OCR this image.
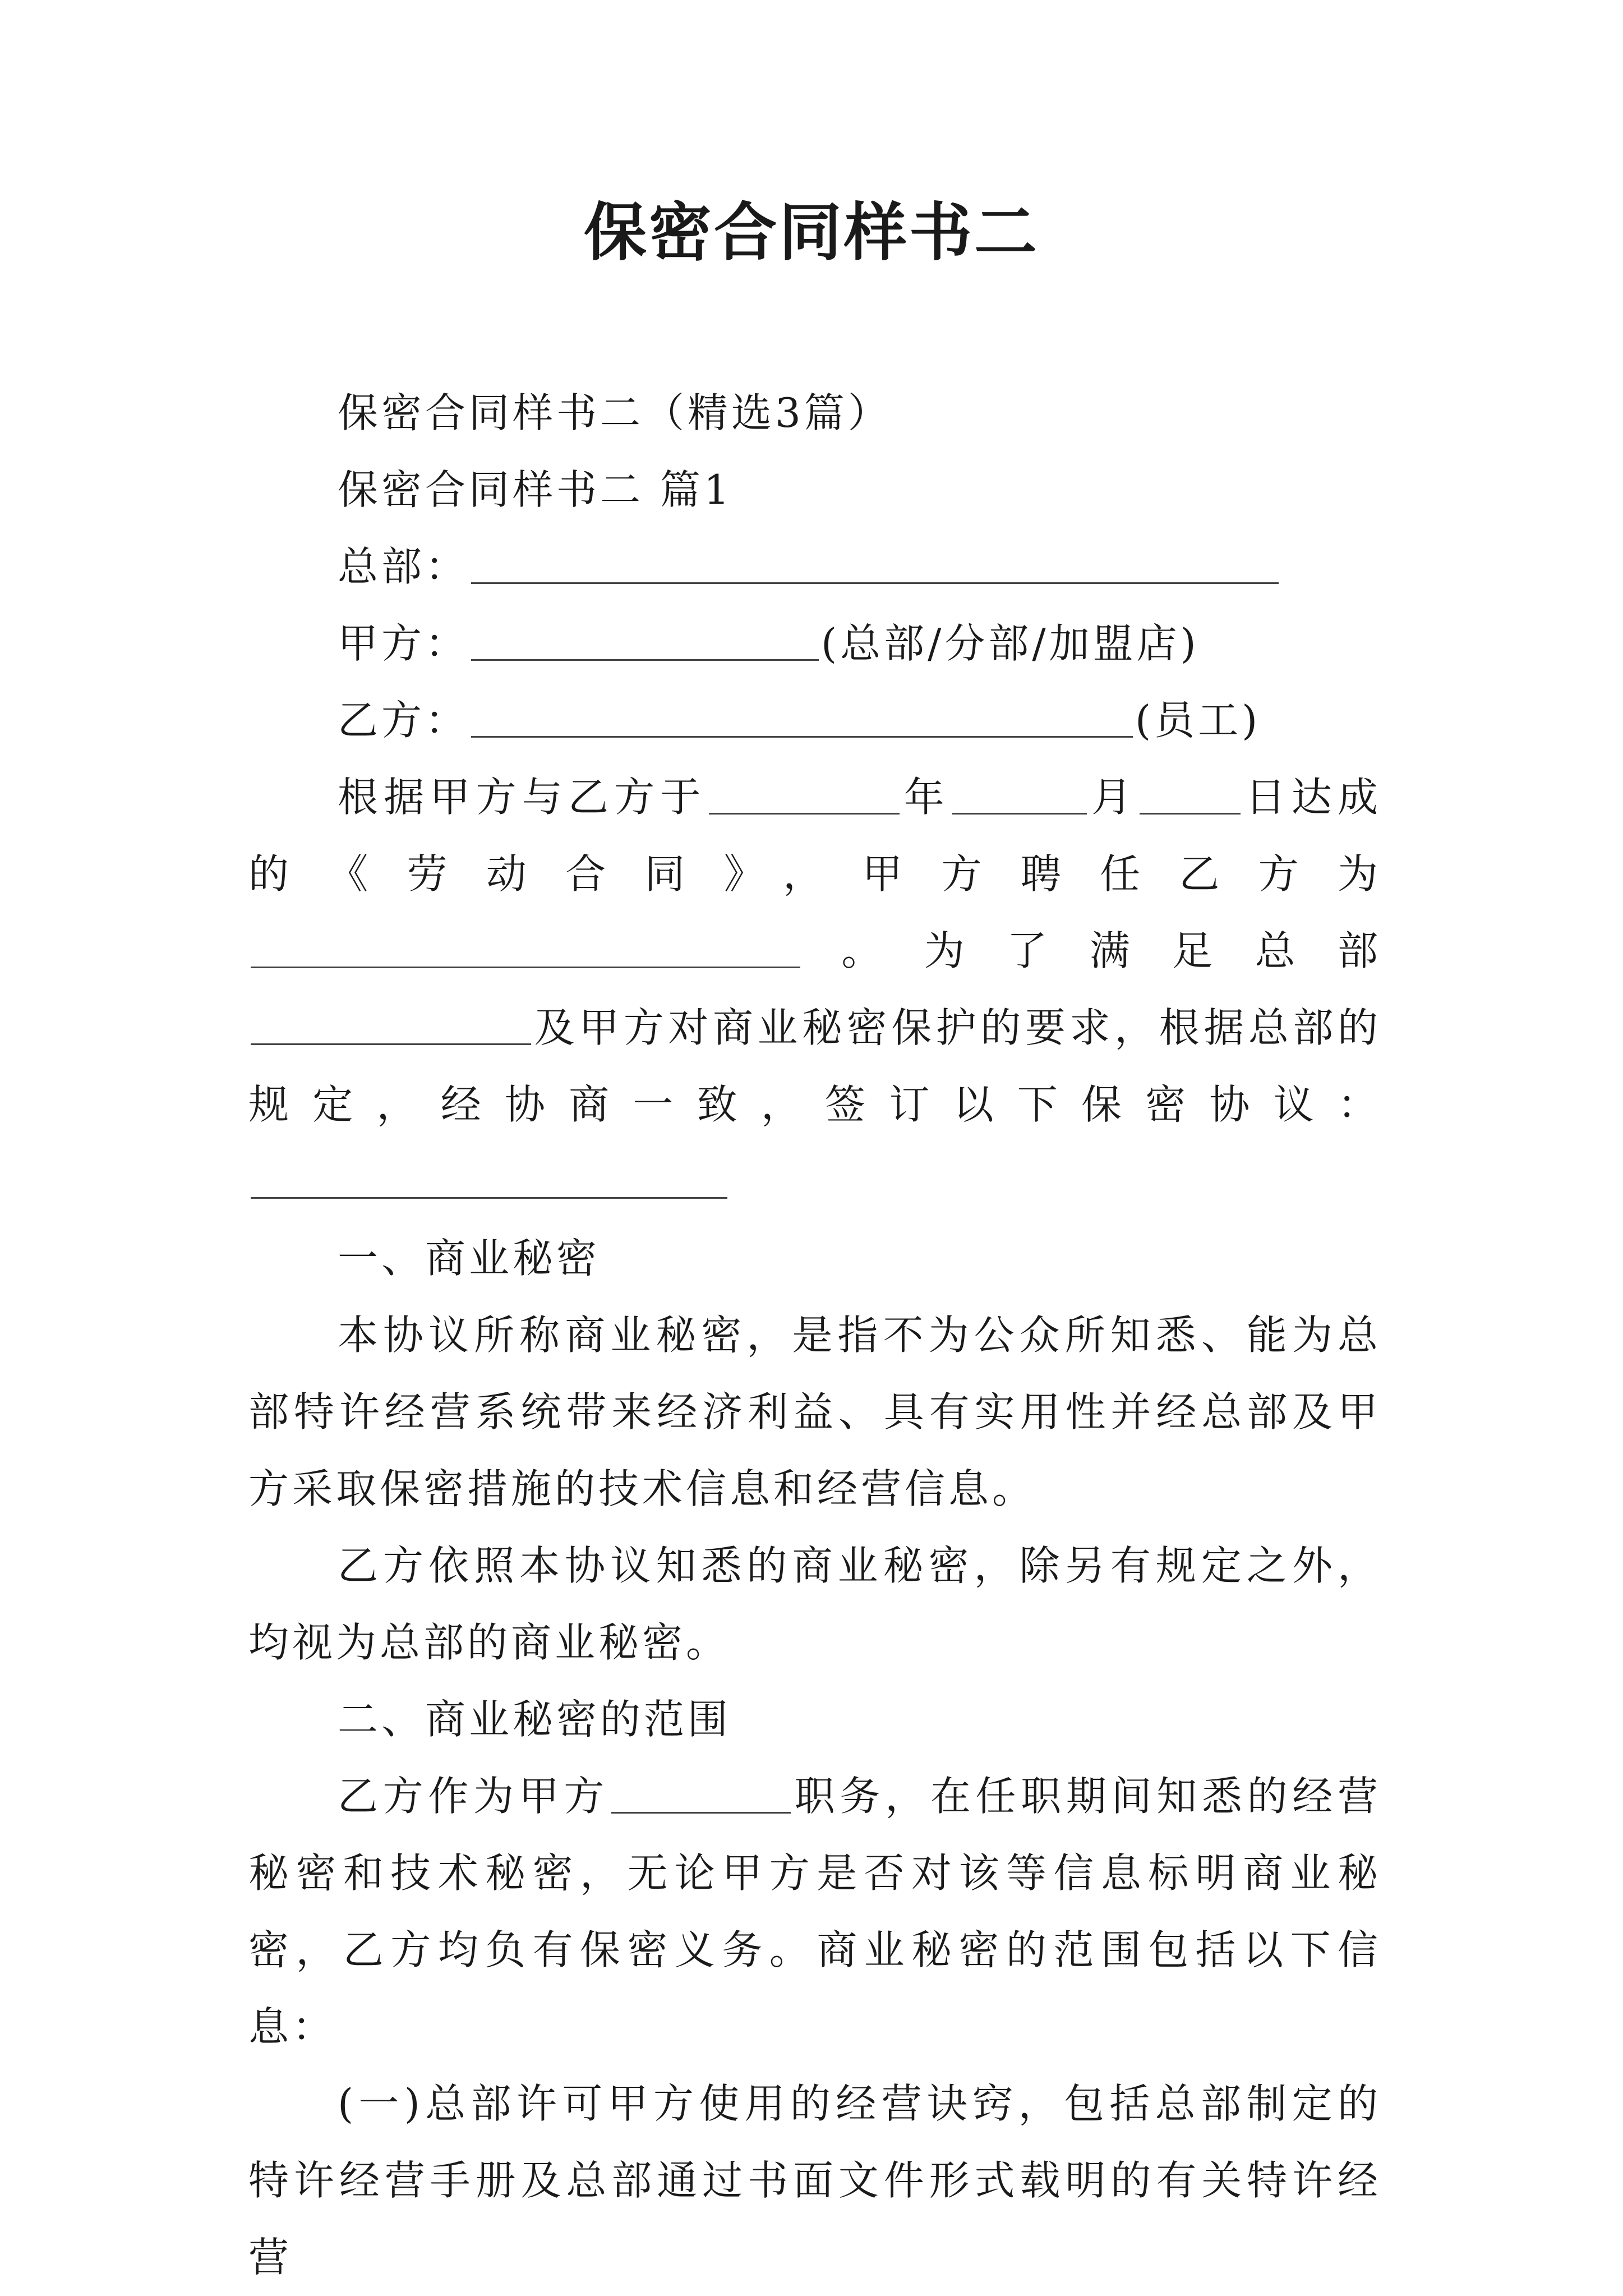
保密合同样书二

保密合同样书二（精选3篇）

保密合同样书二 篇1

总部：

甲方：	(总部/分部/加盟店)

乙方：	(员工)

根据甲方与乙方于	年	月	日达成的《劳动合同》，甲方聘任乙方为。为了满足总部及甲方对商业秘密保护的要求，根据总部的规定，经协商一致，签订以下保密协议：

一、商业秘密

本协议所称商业秘密，是指不为公众所知悉、能为总部特许经营系统带来经济利益、具有实用性并经总部及甲方采取保密措施的技术信息和经营信息。

乙方依照本协议知悉的商业秘密，除另有规定之外，均视为总部的商业秘密。

二、商业秘密的范围

乙方作为甲方	职务，在任职期间知悉的经营秘密和技术秘密，无论甲方是否对该等信息标明商业秘密，乙方均负有保密义务。商业秘密的范围包括以下信息：

(一)总部许可甲方使用的经营诀窍，包括总部制定的特许经营手册及总部通过书面文件形式载明的有关特许经营
